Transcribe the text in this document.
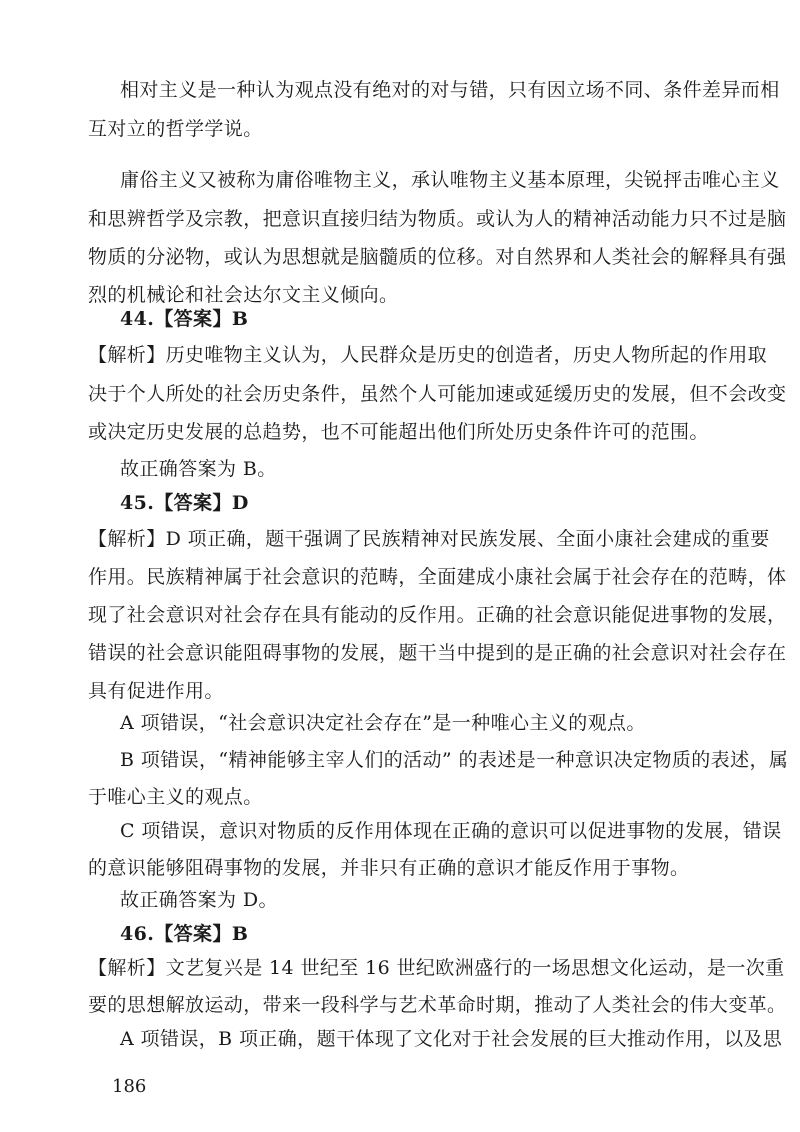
相对主义是一种认为观点没有绝对的对与错，只有因立场不同、条件差异而相
互对立的哲学学说。
庸俗主义又被称为庸俗唯物主义，承认唯物主义基本原理，尖锐抨击唯心主义
和思辨哲学及宗教，把意识直接归结为物质。或认为人的精神活动能力只不过是脑
物质的分泌物，或认为思想就是脑髓质的位移。对自然界和人类社会的解释具有强
烈的机械论和社会达尔文主义倾向。
44.【答案】B
【解析】历史唯物主义认为，人民群众是历史的创造者，历史人物所起的作用取
决于个人所处的社会历史条件，虽然个人可能加速或延缓历史的发展，但不会改变
或决定历史发展的总趋势，也不可能超出他们所处历史条件许可的范围。
故正确答案为 B。
45.【答案】D
【解析】D 项正确，题干强调了民族精神对民族发展、全面小康社会建成的重要
作用。民族精神属于社会意识的范畴，全面建成小康社会属于社会存在的范畴，体
现了社会意识对社会存在具有能动的反作用。正确的社会意识能促进事物的发展，
错误的社会意识能阻碍事物的发展，题干当中提到的是正确的社会意识对社会存在
具有促进作用。
A 项错误，“社会意识决定社会存在”是一种唯心主义的观点。
B 项错误，“精神能够主宰人们的活动” 的表述是一种意识决定物质的表述，属
于唯心主义的观点。
C 项错误，意识对物质的反作用体现在正确的意识可以促进事物的发展，错误
的意识能够阻碍事物的发展，并非只有正确的意识才能反作用于事物。
故正确答案为 D。
46.【答案】B
186
【解析】文艺复兴是 14 世纪至 16 世纪欧洲盛行的一场思想文化运动，是一次重
要的思想解放运动，带来一段科学与艺术革命时期，推动了人类社会的伟大变革。
A 项错误，B 项正确，题干体现了文化对于社会发展的巨大推动作用，以及思
